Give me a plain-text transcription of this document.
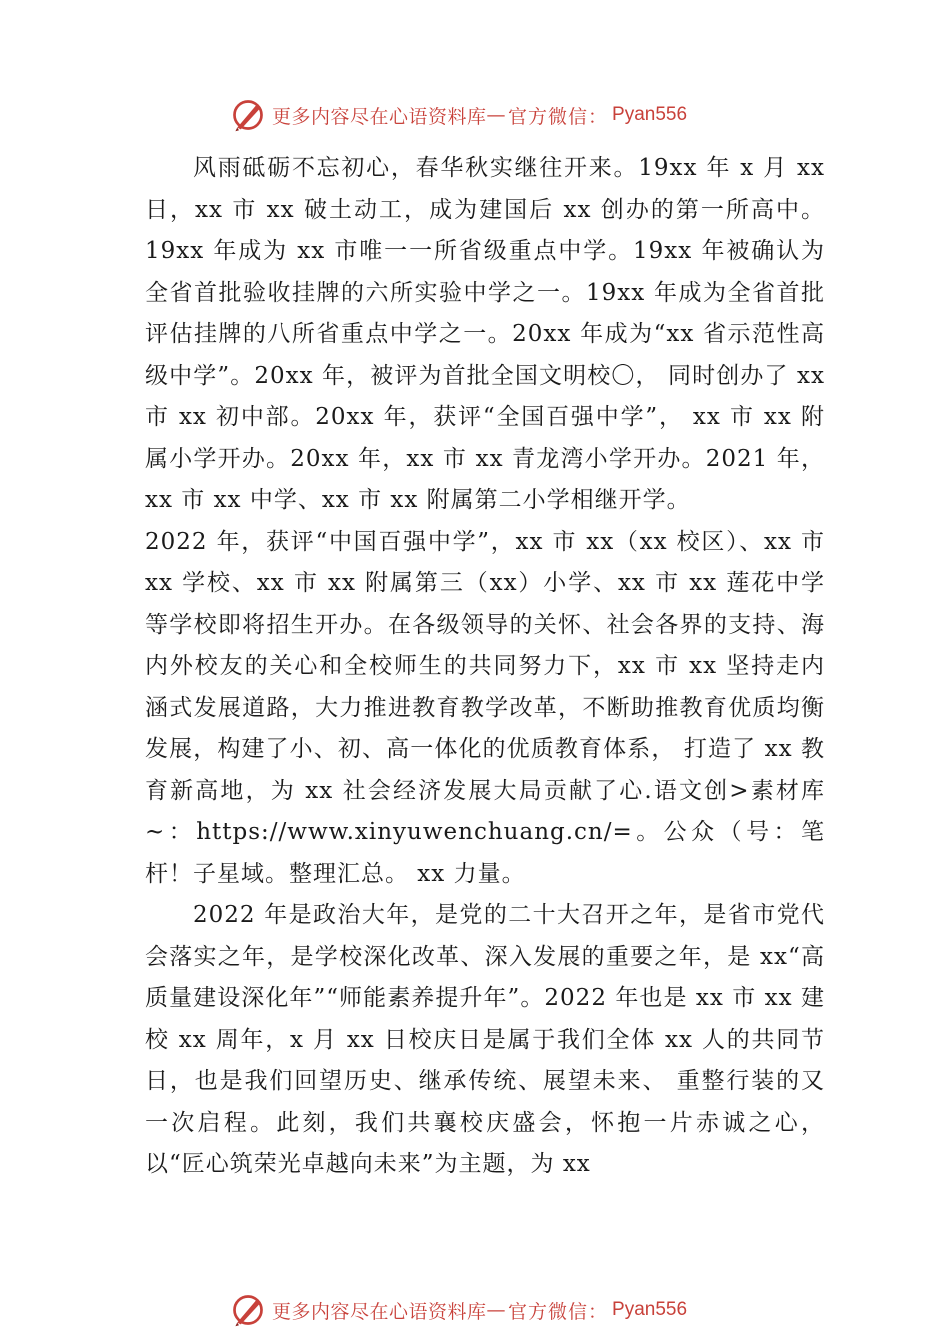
更多内容尽在心语资料库 — 官方微信： Pyan556

风雨砥砺不忘初心，春华秋实继往开来。19xx 年 x 月 xx 日，xx 市 xx 破土动工，成为建国后 xx 创办的第一所高中。19xx 年成为 xx 市唯一一所省级重点中学。19xx 年被确认为全省首批验收挂牌的六所实验中学之一。19xx 年成为全省首批评估挂牌的八所省重点中学之一。20xx 年成为“xx 省示范性高级中学”。20xx 年，被评为首批全国文明校〇， 同时创办了 xx 市 xx 初中部。20xx 年，获评“全国百强中学”， xx 市 xx 附属小学开办。20xx 年，xx 市 xx 青龙湾小学开办。2021 年，xx 市 xx 中学、xx 市 xx 附属第二小学相继开学。

2022 年，获评“中国百强中学”，xx 市 xx（xx 校区）、xx 市 xx 学校、xx 市 xx 附属第三（xx）小学、xx 市 xx 莲花中学等学校即将招生开办。在各级领导的关怀、社会各界的支持、海内外校友的关心和全校师生的共同努力下，xx 市 xx 坚持走内涵式发展道路，大力推进教育教学改革，不断助推教育优质均衡发展，构建了小、初、高一体化的优质教育体系， 打造了 xx 教育新高地，为 xx 社会经济发展大局贡献了心.语文创>素材库~：https://www.xinyuwenchuang.cn/=。公众（号：笔杆！子星域。整理汇总。 xx 力量。

2022 年是政治大年，是党的二十大召开之年，是省市党代会落实之年，是学校深化改革、深入发展的重要之年，是 xx“高质量建设深化年”“师能素养提升年”。2022 年也是 xx 市 xx 建校 xx 周年，x 月 xx 日校庆日是属于我们全体 xx 人的共同节日，也是我们回望历史、继承传统、展望未来、 重整行装的又一次启程。此刻，我们共襄校庆盛会，怀抱一片赤诚之心，以“匠心筑荣光卓越向未来”为主题，为 xx

更多内容尽在心语资料库 — 官方微信： Pyan556
